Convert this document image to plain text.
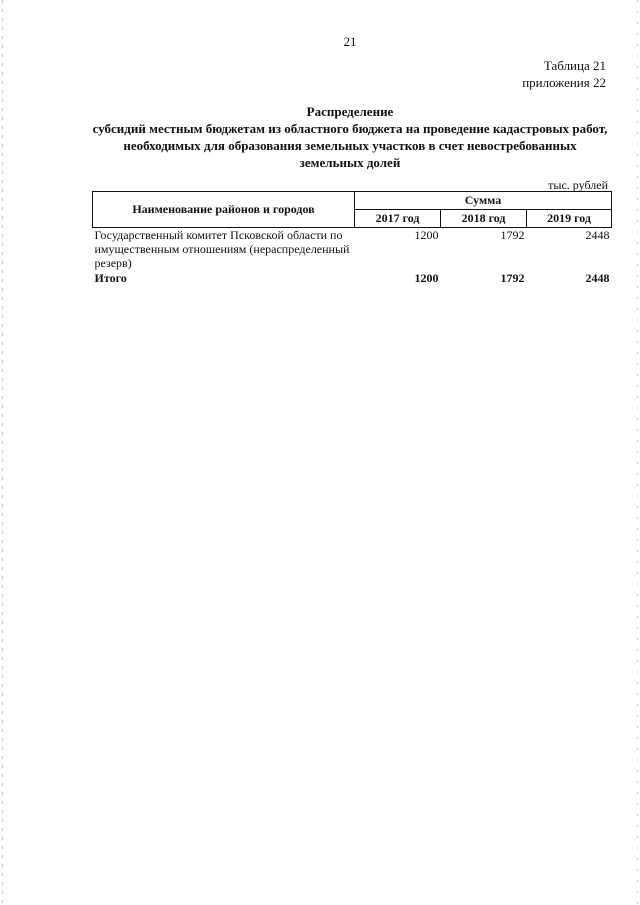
21
Таблица 21
приложения 22
Распределение
субсидий местным бюджетам из областного бюджета на проведение кадастровых работ,
необходимых для образования земельных участков в счет невостребованных
земельных долей
тыс. рублей
Наименование районов и городов	Сумма		
	2017 год	2018 год	2019 год
Государственный комитет Псковской области по имущественным отношениям (нераспределенный резерв)	1200	1792	2448
Итого	1200	1792	2448
